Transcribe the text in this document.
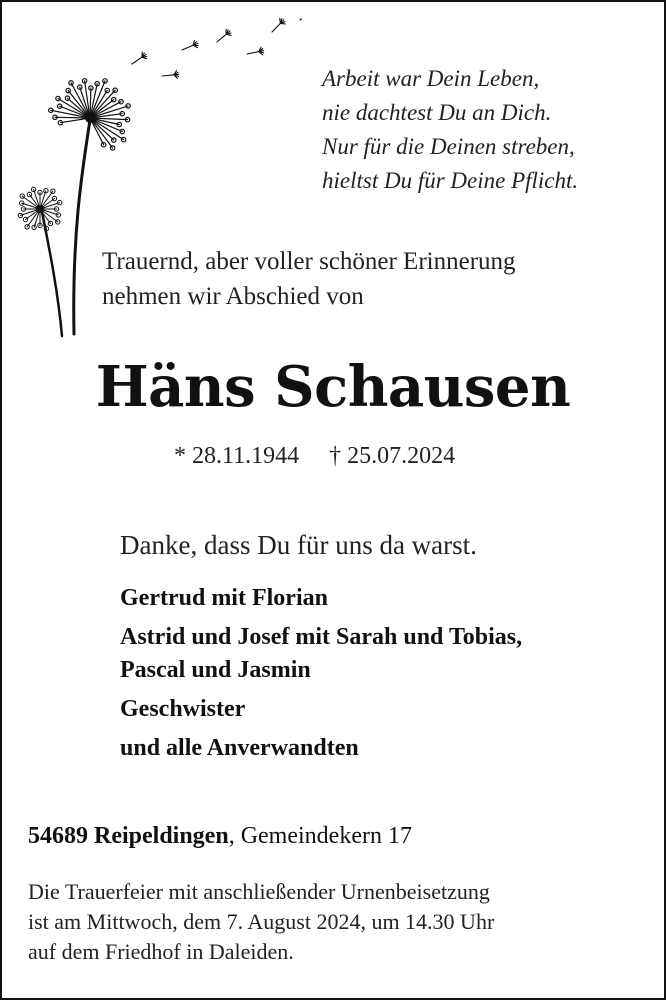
Arbeit war Dein Leben,
nie dachtest Du an Dich.
Nur für die Deinen streben,
hieltst Du für Deine Pflicht.
Trauernd, aber voller schöner Erinnerung
nehmen wir Abschied von
Häns Schausen
* 28.11.1944 † 25.07.2024
Danke, dass Du für uns da warst.
Gertrud mit Florian
Astrid und Josef mit Sarah und Tobias,
Pascal und Jasmin
Geschwister
und alle Anverwandten
54689 Reipeldingen, Gemeindekern 17
Die Trauerfeier mit anschließender Urnenbeisetzung
ist am Mittwoch, dem 7. August 2024, um 14.30 Uhr
auf dem Friedhof in Daleiden.
